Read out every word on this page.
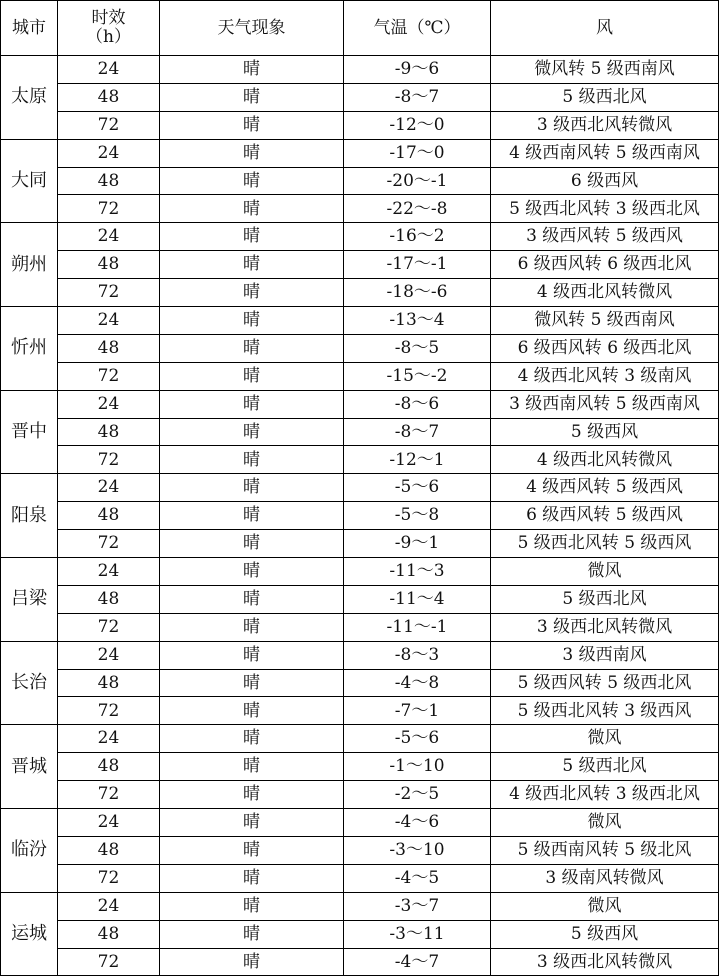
城市	时效
（h）	天气现象	气温（℃）	风
太原	24	晴	-9～6	微风转 5 级西南风
	48	晴	-8～7	5 级西北风
	72	晴	-12～0	3 级西北风转微风
大同	24	晴	-17～0	4 级西南风转 5 级西南风
	48	晴	-20～-1	6 级西风
	72	晴	-22～-8	5 级西北风转 3 级西北风
朔州	24	晴	-16～2	3 级西风转 5 级西风
	48	晴	-17～-1	6 级西风转 6 级西北风
	72	晴	-18～-6	4 级西北风转微风
忻州	24	晴	-13～4	微风转 5 级西南风
	48	晴	-8～5	6 级西风转 6 级西北风
	72	晴	-15～-2	4 级西北风转 3 级南风
晋中	24	晴	-8～6	3 级西南风转 5 级西南风
	48	晴	-8～7	5 级西风
	72	晴	-12～1	4 级西北风转微风
阳泉	24	晴	-5～6	4 级西风转 5 级西风
	48	晴	-5～8	6 级西风转 5 级西风
	72	晴	-9～1	5 级西北风转 5 级西风
吕梁	24	晴	-11～3	微风
	48	晴	-11～4	5 级西北风
	72	晴	-11～-1	3 级西北风转微风
长治	24	晴	-8～3	3 级西南风
	48	晴	-4～8	5 级西风转 5 级西北风
	72	晴	-7～1	5 级西北风转 3 级西风
晋城	24	晴	-5～6	微风
	48	晴	-1～10	5 级西北风
	72	晴	-2～5	4 级西北风转 3 级西北风
临汾	24	晴	-4～6	微风
	48	晴	-3～10	5 级西南风转 5 级北风
	72	晴	-4～5	3 级南风转微风
运城	24	晴	-3～7	微风
	48	晴	-3～11	5 级西风
	72	晴	-4～7	3 级西北风转微风
